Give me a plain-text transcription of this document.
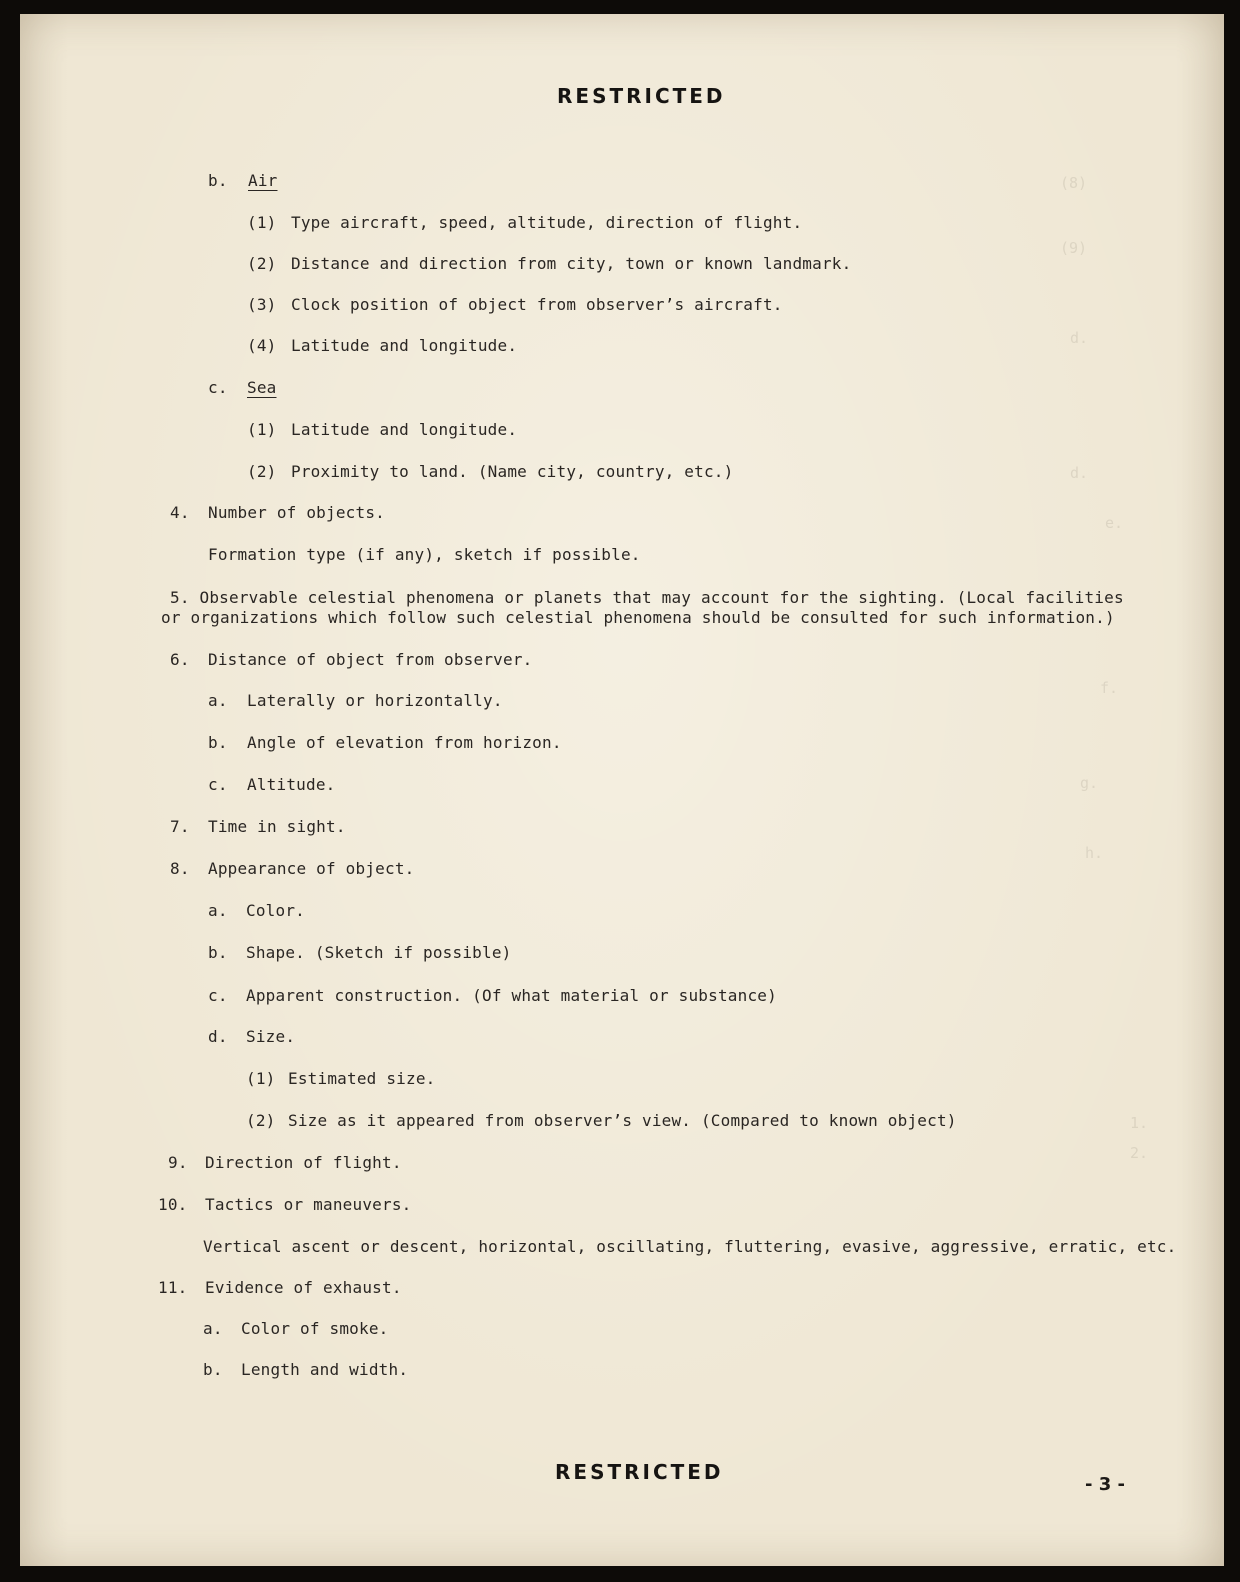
(8)
(9)
d.
d.
e.
f.
g.
h.
1.
2.
RESTRICTED
b. Air
(1) Type aircraft, speed, altitude, direction of flight.
(2) Distance and direction from city, town or known landmark.
(3) Clock position of object from observer’s aircraft.
(4) Latitude and longitude.
c. Sea
(1) Latitude and longitude.
(2) Proximity to land. (Name city, country, etc.)
4. Number of objects.
Formation type (if any), sketch if possible.
5. Observable celestial phenomena or planets that may account for the sighting. (Local facilities
or organizations which follow such celestial phenomena should be consulted for such information.)
6. Distance of object from observer.
a. Laterally or horizontally.
b. Angle of elevation from horizon.
c. Altitude.
7. Time in sight.
8. Appearance of object.
a. Color.
b. Shape. (Sketch if possible)
c. Apparent construction. (Of what material or substance)
d. Size.
(1) Estimated size.
(2) Size as it appeared from observer’s view. (Compared to known object)
9. Direction of flight.
10. Tactics or maneuvers.
Vertical ascent or descent, horizontal, oscillating, fluttering, evasive, aggressive, erratic, etc.
11. Evidence of exhaust.
a. Color of smoke.
b. Length and width.
RESTRICTED
- 3 -
